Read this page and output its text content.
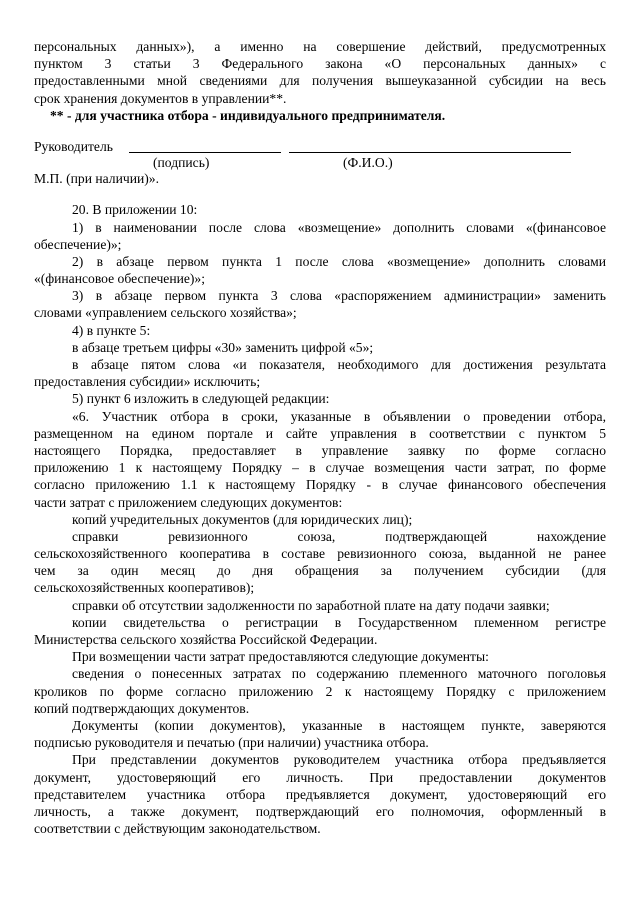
персональных данных»), а именно на совершение действий, предусмотренных
пунктом 3 статьи 3 Федерального закона «О персональных данных» с
предоставленными мной сведениями для получения вышеуказанной субсидии на весь
срок хранения документов в управлении**.
** - для участника отбора - индивидуального предпринимателя.
Руководитель
(подпись)	(Ф.И.О.)
М.П. (при наличии)».
20. В приложении 10:
1) в наименовании после слова «возмещение» дополнить словами «(финансовое
обеспечение)»;
2) в абзаце первом пункта 1 после слова «возмещение» дополнить словами
«(финансовое обеспечение)»;
3) в абзаце первом пункта 3 слова «распоряжением администрации» заменить
словами «управлением сельского хозяйства»;
4) в пункте 5:
в абзаце третьем цифры «30» заменить цифрой «5»;
в абзаце пятом слова «и показателя, необходимого для достижения результата
предоставления субсидии» исключить;
5) пункт 6 изложить в следующей редакции:
«6. Участник отбора в сроки, указанные в объявлении о проведении отбора,
размещенном на едином портале и сайте управления в соответствии с пунктом 5
настоящего Порядка, предоставляет в управление заявку по форме согласно
приложению 1 к настоящему Порядку – в случае возмещения части затрат, по форме
согласно приложению 1.1 к настоящему Порядку - в случае финансового обеспечения
части затрат с приложением следующих документов:
копий учредительных документов (для юридических лиц);
справки ревизионного союза, подтверждающей нахождение
сельскохозяйственного кооператива в составе ревизионного союза, выданной не ранее
чем за один месяц до дня обращения за получением субсидии (для
сельскохозяйственных кооперативов);
справки об отсутствии задолженности по заработной плате на дату подачи заявки;
копии свидетельства о регистрации в Государственном племенном регистре
Министерства сельского хозяйства Российской Федерации.
При возмещении части затрат предоставляются следующие документы:
сведения о понесенных затратах по содержанию племенного маточного поголовья
кроликов по форме согласно приложению 2 к настоящему Порядку с приложением
копий подтверждающих документов.
Документы (копии документов), указанные в настоящем пункте, заверяются
подписью руководителя и печатью (при наличии) участника отбора.
При представлении документов руководителем участника отбора предъявляется
документ, удостоверяющий его личность. При предоставлении документов
представителем участника отбора предъявляется документ, удостоверяющий его
личность, а также документ, подтверждающий его полномочия, оформленный в
соответствии с действующим законодательством.
